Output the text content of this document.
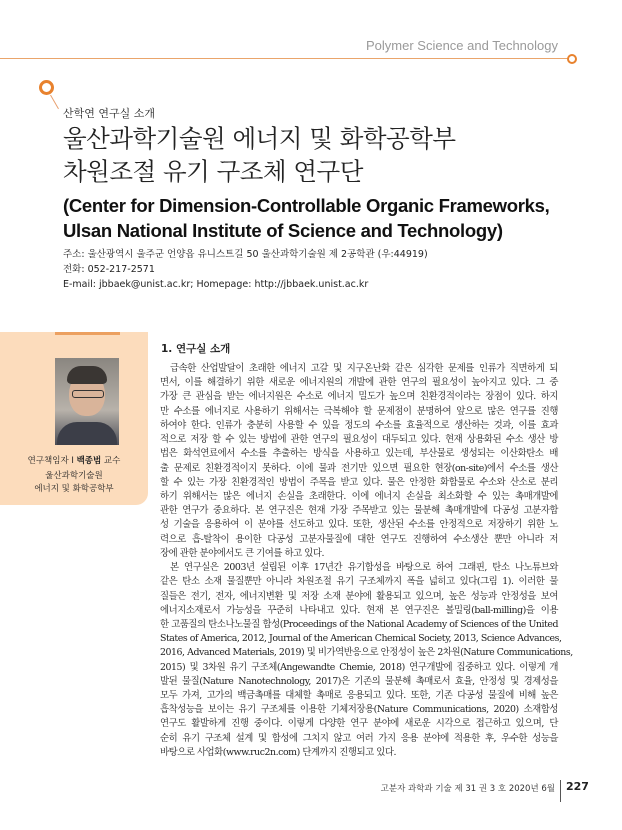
Polymer Science and Technology
산학연 연구실 소개
울산과학기술원 에너지 및 화학공학부
차원조절 유기 구조체 연구단
(Center for Dimension-Controllable Organic Frameworks,
Ulsan National Institute of Science and Technology)
주소: 울산광역시 울주군 언양읍 유니스트길 50 울산과학기술원 제 2공학관 (우:44919)
전화: 052-217-2571
E-mail: jbbaek@unist.ac.kr; Homepage: http://jbbaek.unist.ac.kr
연구책임자 I 백종범 교수
울산과학기술원
에너지 및 화학공학부
1. 연구실 소개
급속한 산업발달이 초래한 에너지 고갈 및 지구온난화 같은 심각한 문제를 인류가 직면하게 되
면서, 이를 해결하기 위한 새로운 에너지원의 개발에 관한 연구의 필요성이 높아지고 있다. 그 중
가장 큰 관심을 받는 에너지원은 수소로 에너지 밀도가 높으며 친환경적이라는 장점이 있다. 하지
만 수소를 에너지로 사용하기 위해서는 극복해야 할 문제점이 분명하여 앞으로 많은 연구를 진행
하여야 한다. 인류가 충분히 사용할 수 있을 정도의 수소를 효율적으로 생산하는 것과, 이를 효과
적으로 저장 할 수 있는 방법에 관한 연구의 필요성이 대두되고 있다. 현재 상용화된 수소 생산 방
법은 화석연료에서 수소를 추출하는 방식을 사용하고 있는데, 부산물로 생성되는 이산화탄소 배
출 문제로 친환경적이지 못하다. 이에 물과 전기만 있으면 필요한 현장(on-site)에서 수소를 생산
할 수 있는 가장 친환경적인 방법이 주목을 받고 있다. 물은 안정한 화합물로 수소와 산소로 분리
하기 위해서는 많은 에너지 손실을 초래한다. 이에 에너지 손실을 최소화할 수 있는 촉매개발에
관한 연구가 중요하다. 본 연구진은 현재 가장 주목받고 있는 물분해 촉매개발에 다공성 고분자합
성 기술을 응용하여 이 분야를 선도하고 있다. 또한, 생산된 수소를 안정적으로 저장하기 위한 노
력으로 흡-탈착이 용이한 다공성 고분자물질에 대한 연구도 진행하여 수소생산 뿐만 아니라 저
장에 관한 분야에서도 큰 기여를 하고 있다.
본 연구실은 2003년 설립된 이후 17년간 유기합성을 바탕으로 하여 그래핀, 탄소 나노튜브와
같은 탄소 소재 물질뿐만 아니라 차원조절 유기 구조체까지 폭을 넓히고 있다(그림 1). 이러한 물
질들은 전기, 전자, 에너지변환 및 저장 소재 분야에 활용되고 있으며, 높은 성능과 안정성을 보여
에너지소재로서 가능성을 꾸준히 나타내고 있다. 현재 본 연구진은 볼밀링(ball-milling)을 이용
한 고품질의 탄소나노물질 합성(Proceedings of the National Academy of Sciences of the United
States of America, 2012, Journal of the American Chemical Society, 2013, Science Advances,
2016, Advanced Materials, 2019) 및 비가역반응으로 안정성이 높은 2차원(Nature Communications,
2015) 및 3차원 유기 구조체(Angewandte Chemie, 2018) 연구개발에 집중하고 있다. 이렇게 개
발된 물질(Nature Nanotechnology, 2017)은 기존의 물분해 촉매로서 효율, 안정성 및 경제성을
모두 가져, 고가의 백금촉매를 대체할 촉매로 응용되고 있다. 또한, 기존 다공성 물질에 비해 높은
흡착성능을 보이는 유기 구조체를 이용한 기체저장용(Nature Communications, 2020) 소재합성
연구도 활발하게 진행 중이다. 이렇게 다양한 연구 분야에 새로운 시각으로 접근하고 있으며, 단
순히 유기 구조체 설계 및 합성에 그치지 않고 여러 가지 응용 분야에 적용한 후, 우수한 성능을
바탕으로 사업화(www.ruc2n.com) 단계까지 진행되고 있다.
고분자 과학과 기술 제 31 권 3 호 2020년 6월 227
